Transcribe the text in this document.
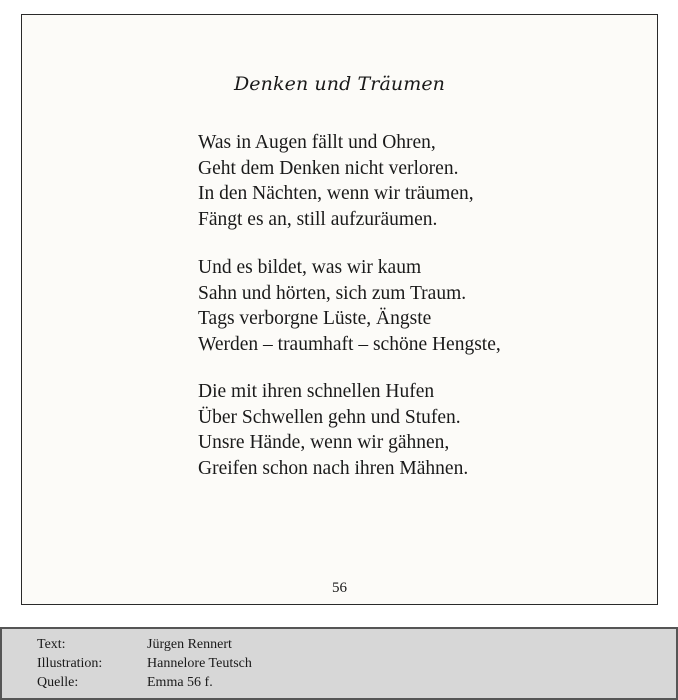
Denken und Träumen
Was in Augen fällt und Ohren,
Geht dem Denken nicht verloren.
In den Nächten, wenn wir träumen,
Fängt es an, still aufzuräumen.
Und es bildet, was wir kaum
Sahn und hörten, sich zum Traum.
Tags verborgne Lüste, Ängste
Werden – traumhaft – schöne Hengste,
Die mit ihren schnellen Hufen
Über Schwellen gehn und Stufen.
Unsre Hände, wenn wir gähnen,
Greifen schon nach ihren Mähnen.
56
Text:	Jürgen Rennert
Illustration:	Hannelore Teutsch
Quelle:	Emma 56 f.
